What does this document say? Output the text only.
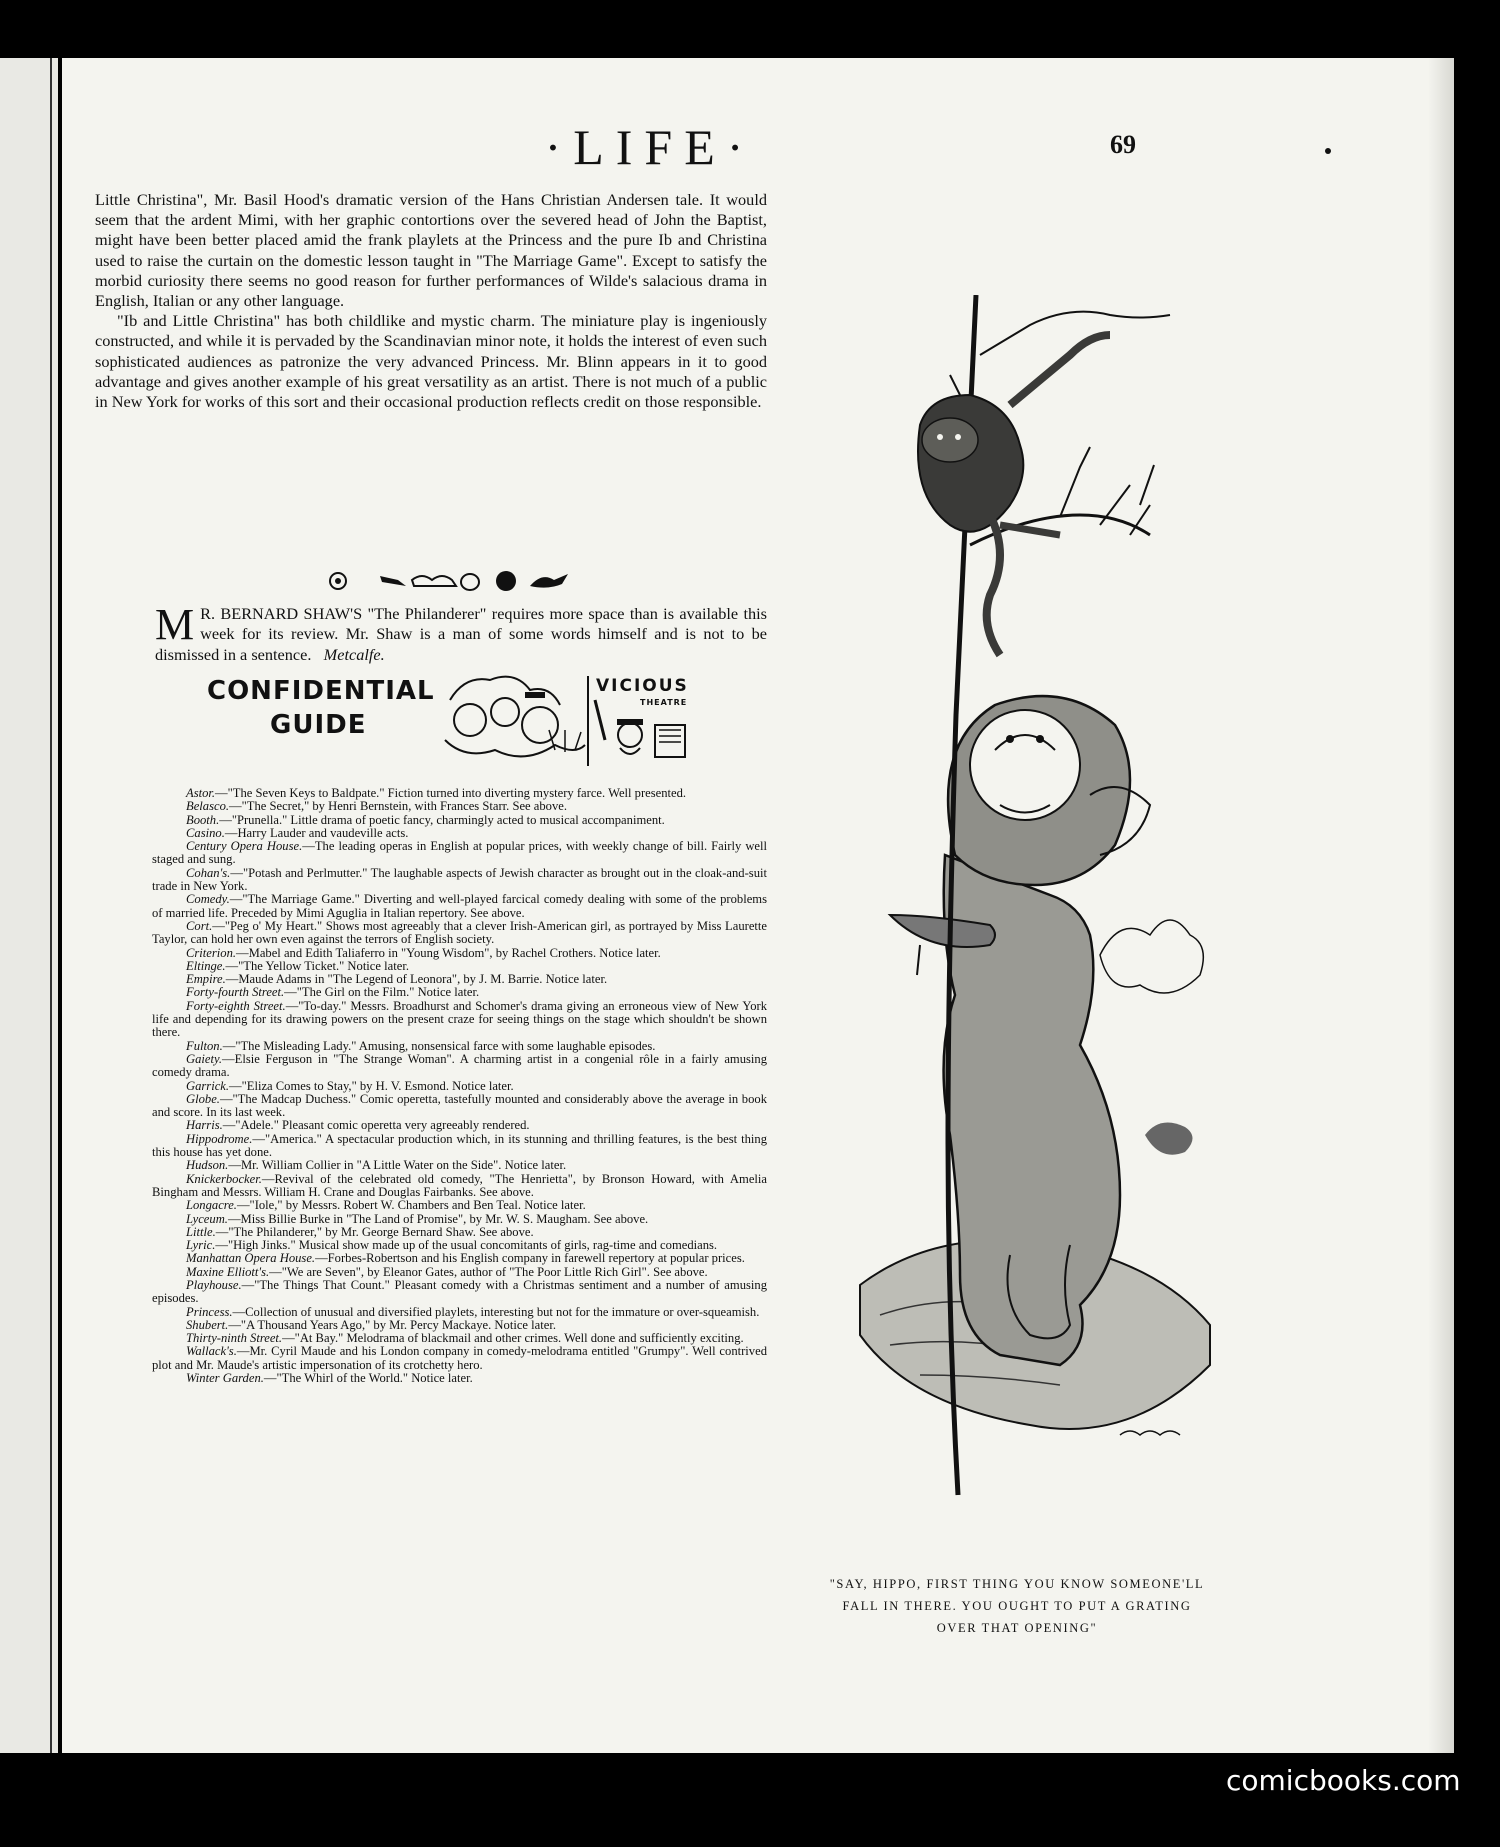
·LIFE·	69

Little Christina", Mr. Basil Hood's dramatic version of the Hans Christian Andersen tale. It would seem that the ardent Mimi, with her graphic contortions over the severed head of John the Baptist, might have been better placed amid the frank playlets at the Princess and the pure Ib and Christina used to raise the curtain on the domestic lesson taught in "The Marriage Game". Except to satisfy the morbid curiosity there seems no good reason for further performances of Wilde's salacious drama in English, Italian or any other language.

"Ib and Little Christina" has both childlike and mystic charm. The miniature play is ingeniously constructed, and while it is pervaded by the Scandinavian minor note, it holds the interest of even such sophisticated audiences as patronize the very advanced Princess. Mr. Blinn appears in it to good advantage and gives another example of his great versatility as an artist. There is not much of a public in New York for works of this sort and their occasional production reflects credit on those responsible.

M R. BERNARD SHAW'S "The Philanderer" requires more space than is available this week for its review. Mr. Shaw is a man of some words himself and is not to be dismissed in a sentence. Metcalfe.
CONFIDENTIAL
GUIDE
VICIOUS
THEATRE

Astor.—"The Seven Keys to Baldpate." Fiction turned into diverting mystery farce. Well presented.

Belasco.—"The Secret," by Henri Bernstein, with Frances Starr. See above.

Booth.—"Prunella." Little drama of poetic fancy, charmingly acted to musical accompaniment.

Casino.—Harry Lauder and vaudeville acts.

Century Opera House.—The leading operas in English at popular prices, with weekly change of bill. Fairly well staged and sung.

Cohan's.—"Potash and Perlmutter." The laughable aspects of Jewish character as brought out in the cloak-and-suit trade in New York.

Comedy.—"The Marriage Game." Diverting and well-played farcical comedy dealing with some of the problems of married life. Preceded by Mimi Aguglia in Italian repertory. See above.

Cort.—"Peg o' My Heart." Shows most agreeably that a clever Irish-American girl, as portrayed by Miss Laurette Taylor, can hold her own even against the terrors of English society.

Criterion.—Mabel and Edith Taliaferro in "Young Wisdom", by Rachel Crothers. Notice later.

Eltinge.—"The Yellow Ticket." Notice later.

Empire.—Maude Adams in "The Legend of Leonora", by J. M. Barrie. Notice later.

Forty-fourth Street.—"The Girl on the Film." Notice later.

Forty-eighth Street.—"To-day." Messrs. Broadhurst and Schomer's drama giving an erroneous view of New York life and depending for its drawing powers on the present craze for seeing things on the stage which shouldn't be shown there.

Fulton.—"The Misleading Lady." Amusing, nonsensical farce with some laughable episodes.

Gaiety.—Elsie Ferguson in "The Strange Woman". A charming artist in a congenial rôle in a fairly amusing comedy drama.

Garrick.—"Eliza Comes to Stay," by H. V. Esmond. Notice later.

Globe.—"The Madcap Duchess." Comic operetta, tastefully mounted and considerably above the average in book and score. In its last week.

Harris.—"Adele." Pleasant comic operetta very agreeably rendered.

Hippodrome.—"America." A spectacular production which, in its stunning and thrilling features, is the best thing this house has yet done.

Hudson.—Mr. William Collier in "A Little Water on the Side". Notice later.

Knickerbocker.—Revival of the celebrated old comedy, "The Henrietta", by Bronson Howard, with Amelia Bingham and Messrs. William H. Crane and Douglas Fairbanks. See above.

Longacre.—"Iole," by Messrs. Robert W. Chambers and Ben Teal. Notice later.

Lyceum.—Miss Billie Burke in "The Land of Promise", by Mr. W. S. Maugham. See above.

Little.—"The Philanderer," by Mr. George Bernard Shaw. See above.

Lyric.—"High Jinks." Musical show made up of the usual concomitants of girls, rag-time and comedians.

Manhattan Opera House.—Forbes-Robertson and his English company in farewell repertory at popular prices.

Maxine Elliott's.—"We are Seven", by Eleanor Gates, author of "The Poor Little Rich Girl". See above.

Playhouse.—"The Things That Count." Pleasant comedy with a Christmas sentiment and a number of amusing episodes.

Princess.—Collection of unusual and diversified playlets, interesting but not for the immature or over-squeamish.

Shubert.—"A Thousand Years Ago," by Mr. Percy Mackaye. Notice later.

Thirty-ninth Street.—"At Bay." Melodrama of blackmail and other crimes. Well done and sufficiently exciting.

Wallack's.—Mr. Cyril Maude and his London company in comedy-melodrama entitled "Grumpy". Well contrived plot and Mr. Maude's artistic impersonation of its crotchetty hero.

Winter Garden.—"The Whirl of the World." Notice later.

"SAY, HIPPO, FIRST THING YOU KNOW SOMEONE'LL FALL IN THERE. YOU OUGHT TO PUT A GRATING OVER THAT OPENING"
comicbooks.com
